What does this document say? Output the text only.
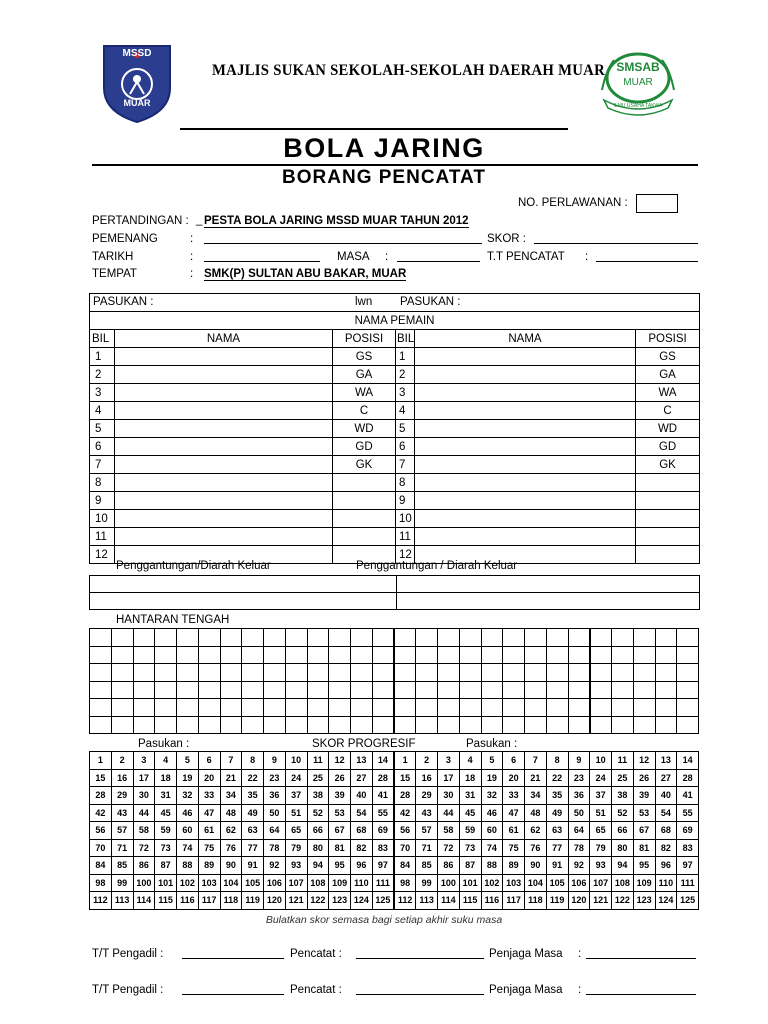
MSSD
MUAR
SMSAB
MUAR
ILMU USAHA TAKWA
MAJLIS SUKAN SEKOLAH-SEKOLAH DAERAH MUAR
BOLA JARING
BORANG PENCATAT
NO. PERLAWANAN :
PERTANDINGAN : _ PESTA BOLA JARING MSSD MUAR TAHUN 2012
PEMENANG	:	SKOR :
TARIKH	:	MASA :	T.T PENCATAT :
TEMPAT	: SMK(P) SULTAN ABU BAKAR, MUAR
PASUKAN : lwn PASUKAN :					

NAMA PEMAIN					
BIL	NAMA	POSISI	BIL	NAMA	POSISI
1		GS	1		GS
2		GA	2		GA
3		WA	3		WA
4		C	4		C
5		WD	5		WD
6		GD	6		GD
7		GK	7		GK
8			8		
9			9		
10			10		
11			11		
12			12		
Penggantungan/Diarah Keluar	Penggantungan / Diarah Keluar

HANTARAN TENGAH

Pasukan :	SKOR PROGRESIF	Pasukan :
1	2	3	4	5	6	7	8	9	10	11	12	13	14	1	2	3	4	5	6	7	8	9	10	11	12	13	14
15	16	17	18	19	20	21	22	23	24	25	26	27	28	15	16	17	18	19	20	21	22	23	24	25	26	27	28
28	29	30	31	32	33	34	35	36	37	38	39	40	41	28	29	30	31	32	33	34	35	36	37	38	39	40	41
42	43	44	45	46	47	48	49	50	51	52	53	54	55	42	43	44	45	46	47	48	49	50	51	52	53	54	55
56	57	58	59	60	61	62	63	64	65	66	67	68	69	56	57	58	59	60	61	62	63	64	65	66	67	68	69
70	71	72	73	74	75	76	77	78	79	80	81	82	83	70	71	72	73	74	75	76	77	78	79	80	81	82	83
84	85	86	87	88	89	90	91	92	93	94	95	96	97	84	85	86	87	88	89	90	91	92	93	94	95	96	97
98	99	100	101	102	103	104	105	106	107	108	109	110	111	98	99	100	101	102	103	104	105	106	107	108	109	110	111
112	113	114	115	116	117	118	119	120	121	122	123	124	125	112	113	114	115	116	117	118	119	120	121	122	123	124	125
Bulatkan skor semasa bagi setiap akhir suku masa
T/T Pengadil :	Pencatat :	Penjaga Masa :
T/T Pengadil :	Pencatat :	Penjaga Masa :
